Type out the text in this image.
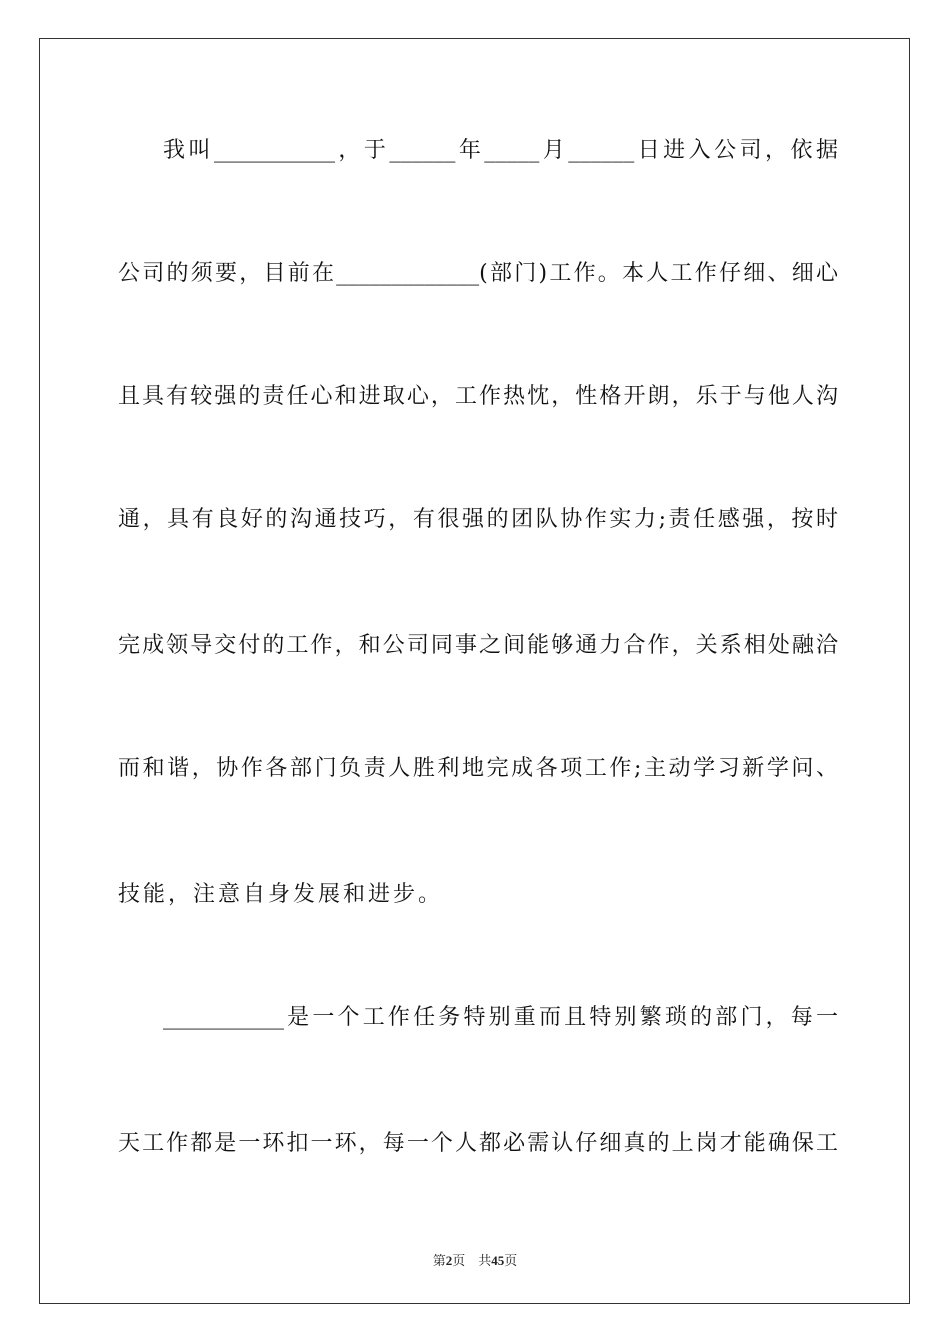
我叫___________，于______年_____月______日进入公司，依据
公司的须要，目前在_____________(部门)工作。本人工作仔细、细心
且具有较强的责任心和进取心，工作热忱，性格开朗，乐于与他人沟
通，具有良好的沟通技巧，有很强的团队协作实力;责任感强，按时
完成领导交付的工作，和公司同事之间能够通力合作，关系相处融洽
而和谐，协作各部门负责人胜利地完成各项工作;主动学习新学问、
技能，注意自身发展和进步。
___________是一个工作任务特别重而且特别繁琐的部门，每一
天工作都是一环扣一环，每一个人都必需认仔细真的上岗才能确保工
第2页 共45页
